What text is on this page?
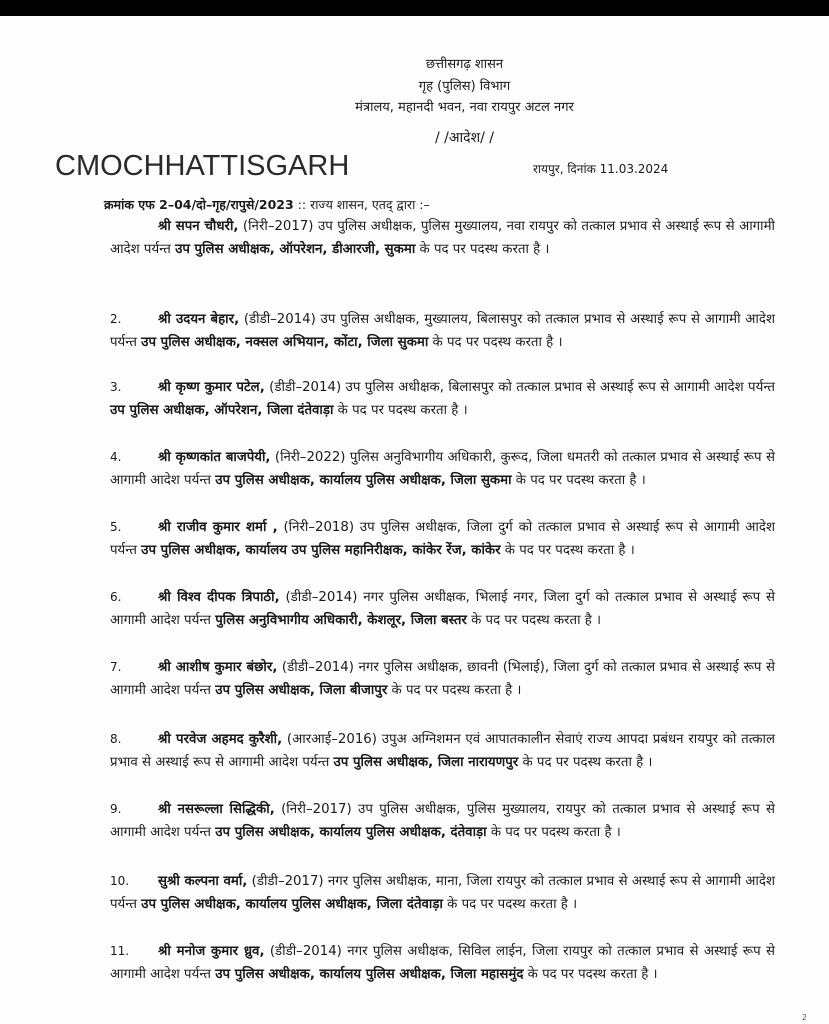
छत्तीसगढ़ शासन
गृह (पुलिस) विभाग
मंत्रालय, महानदी भवन, नवा रायपुर अटल नगर
/ /आदेश/ /
CMOCHHATTISGARH	रायपुर, दिनांक 11.03.2024
क्रमांक एफ 2–04/दो–गृह/रापुसे/2023 :: राज्य शासन, एतद् द्वारा :–
श्री सपन चौधरी, (निरी–2017) उप पुलिस अधीक्षक, पुलिस मुख्यालय, नवा रायपुर को तत्काल प्रभाव से अस्थाई रूप से आगामी आदेश पर्यन्त उप पुलिस अधीक्षक, ऑपरेशन, डीआरजी, सुकमा के पद पर पदस्थ करता है ।
2.	श्री उदयन बेहार, (डीडी–2014) उप पुलिस अधीक्षक, मुख्यालय, बिलासपुर को तत्काल प्रभाव से अस्थाई रूप से आगामी आदेश पर्यन्त उप पुलिस अधीक्षक, नक्सल अभियान, कोंटा, जिला सुकमा के पद पर पदस्थ करता है ।
3.	श्री कृष्ण कुमार पटेल, (डीडी–2014) उप पुलिस अधीक्षक, बिलासपुर को तत्काल प्रभाव से अस्थाई रूप से आगामी आदेश पर्यन्त उप पुलिस अधीक्षक, ऑपरेशन, जिला दंतेवाड़ा के पद पर पदस्थ करता है ।
4.	श्री कृष्णकांत बाजपेयी, (निरी–2022) पुलिस अनुविभागीय अधिकारी, कुरूद, जिला धमतरी को तत्काल प्रभाव से अस्थाई रूप से आगामी आदेश पर्यन्त उप पुलिस अधीक्षक, कार्यालय पुलिस अधीक्षक, जिला सुकमा के पद पर पदस्थ करता है ।
5.	श्री राजीव कुमार शर्मा , (निरी–2018) उप पुलिस अधीक्षक, जिला दुर्ग को तत्काल प्रभाव से अस्थाई रूप से आगामी आदेश पर्यन्त उप पुलिस अधीक्षक, कार्यालय उप पुलिस महानिरीक्षक, कांकेर रेंज, कांकेर के पद पर पदस्थ करता है ।
6.	श्री विश्व दीपक त्रिपाठी, (डीडी–2014) नगर पुलिस अधीक्षक, भिलाई नगर, जिला दुर्ग को तत्काल प्रभाव से अस्थाई रूप से आगामी आदेश पर्यन्त पुलिस अनुविभागीय अधिकारी, केशलूर, जिला बस्तर के पद पर पदस्थ करता है ।
7.	श्री आशीष कुमार बंछोर, (डीडी–2014) नगर पुलिस अधीक्षक, छावनी (भिलाई), जिला दुर्ग को तत्काल प्रभाव से अस्थाई रूप से आगामी आदेश पर्यन्त उप पुलिस अधीक्षक, जिला बीजापुर के पद पर पदस्थ करता है ।
8.	श्री परवेज अहमद कुरैशी, (आरआई–2016) उपुअ अग्निशमन एवं आपातकालीन सेवाएं राज्य आपदा प्रबंधन रायपुर को तत्काल प्रभाव से अस्थाई रूप से आगामी आदेश पर्यन्त उप पुलिस अधीक्षक, जिला नारायणपुर के पद पर पदस्थ करता है ।
9.	श्री नसरूल्ला सिद्धिकी, (निरी–2017) उप पुलिस अधीक्षक, पुलिस मुख्यालय, रायपुर को तत्काल प्रभाव से अस्थाई रूप से आगामी आदेश पर्यन्त उप पुलिस अधीक्षक, कार्यालय पुलिस अधीक्षक, दंतेवाड़ा के पद पर पदस्थ करता है ।
10. सुश्री कल्पना वर्मा, (डीडी–2017) नगर पुलिस अधीक्षक, माना, जिला रायपुर को तत्काल प्रभाव से अस्थाई रूप से आगामी आदेश पर्यन्त उप पुलिस अधीक्षक, कार्यालय पुलिस अधीक्षक, जिला दंतेवाड़ा के पद पर पदस्थ करता है ।
11. श्री मनोज कुमार ध्रुव, (डीडी–2014) नगर पुलिस अधीक्षक, सिविल लाईन, जिला रायपुर को तत्काल प्रभाव से अस्थाई रूप से आगामी आदेश पर्यन्त उप पुलिस अधीक्षक, कार्यालय पुलिस अधीक्षक, जिला महासमुंद के पद पर पदस्थ करता है ।
2
